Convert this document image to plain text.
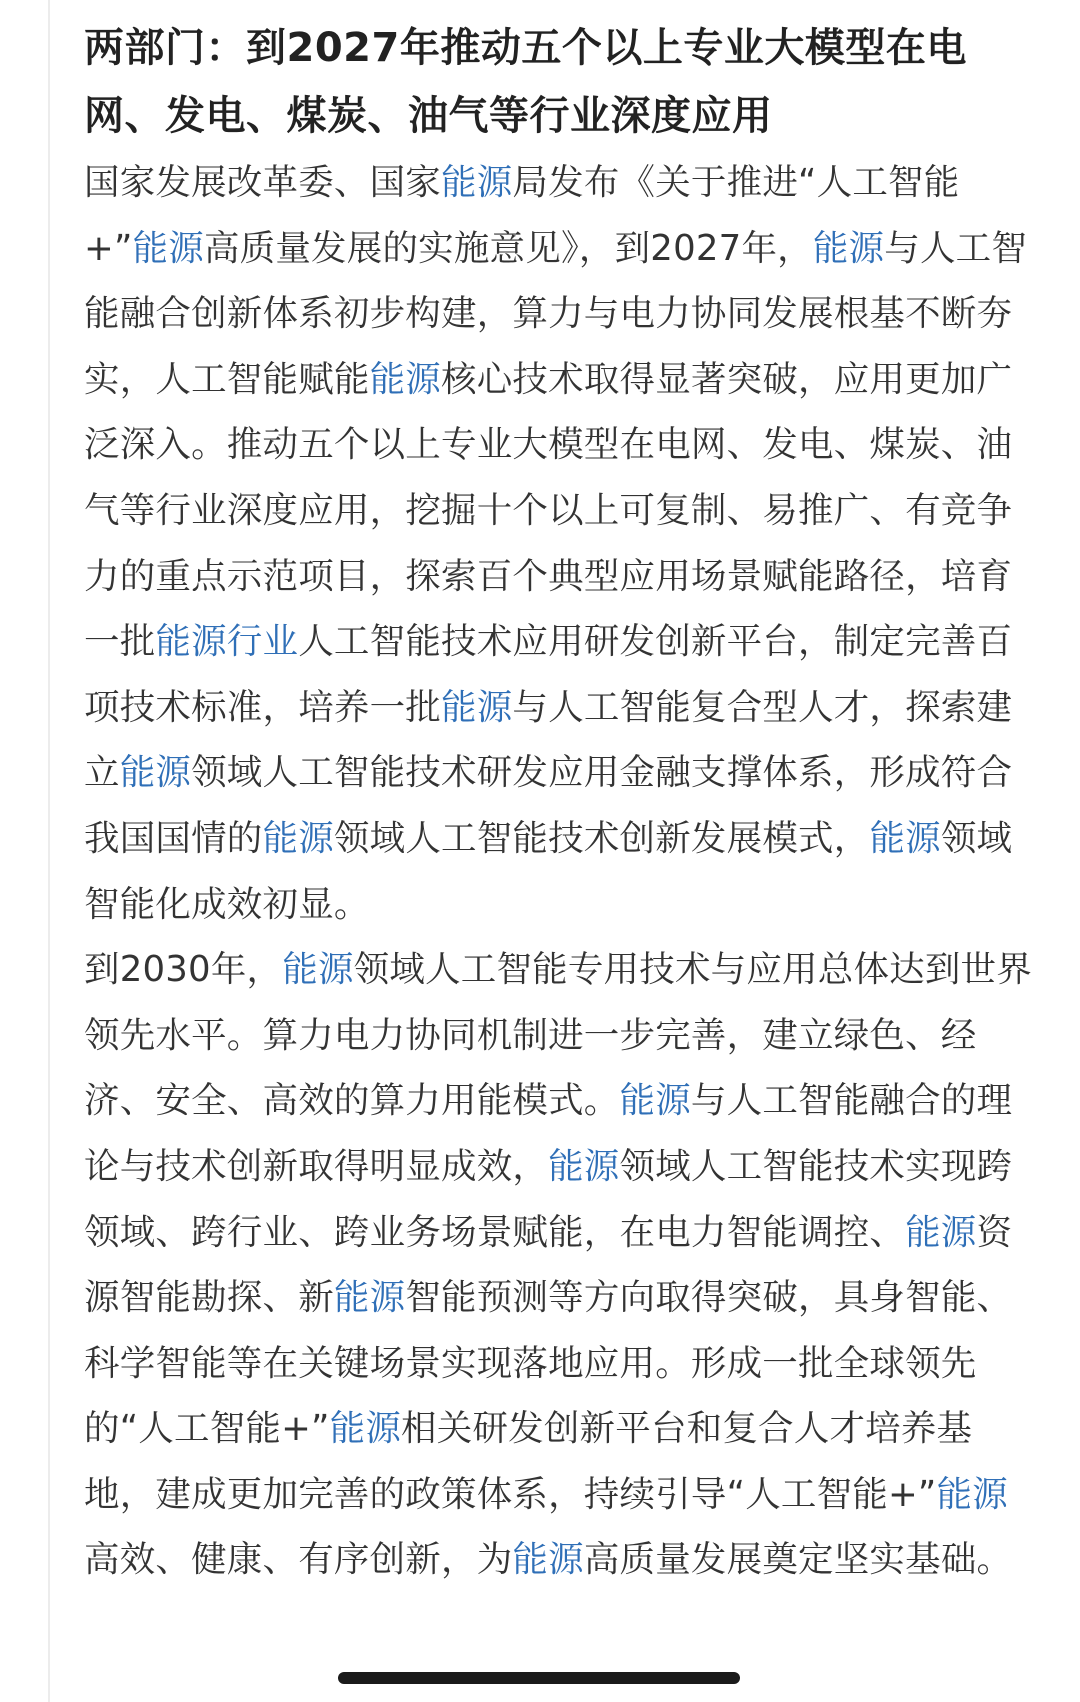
两部门：到2027年推动五个以上专业大模型在电网、发电、煤炭、油气等行业深度应用

国家发展改革委、国家能源局发布《关于推进“人工智能+”能源高质量发展的实施意见》，到2027年，能源与人工智能融合创新体系初步构建，算力与电力协同发展根基不断夯实，人工智能赋能能源核心技术取得显著突破，应用更加广泛深入。推动五个以上专业大模型在电网、发电、煤炭、油气等行业深度应用，挖掘十个以上可复制、易推广、有竞争力的重点示范项目，探索百个典型应用场景赋能路径，培育一批能源行业人工智能技术应用研发创新平台，制定完善百项技术标准，培养一批能源与人工智能复合型人才，探索建立能源领域人工智能技术研发应用金融支撑体系，形成符合我国国情的能源领域人工智能技术创新发展模式，能源领域智能化成效初显。

到2030年，能源领域人工智能专用技术与应用总体达到世界领先水平。算力电力协同机制进一步完善，建立绿色、经济、安全、高效的算力用能模式。能源与人工智能融合的理论与技术创新取得明显成效，能源领域人工智能技术实现跨领域、跨行业、跨业务场景赋能，在电力智能调控、能源资源智能勘探、新能源智能预测等方向取得突破，具身智能、科学智能等在关键场景实现落地应用。形成一批全球领先的“人工智能+”能源相关研发创新平台和复合人才培养基地，建成更加完善的政策体系，持续引导“人工智能+”能源高效、健康、有序创新，为能源高质量发展奠定坚实基础。
